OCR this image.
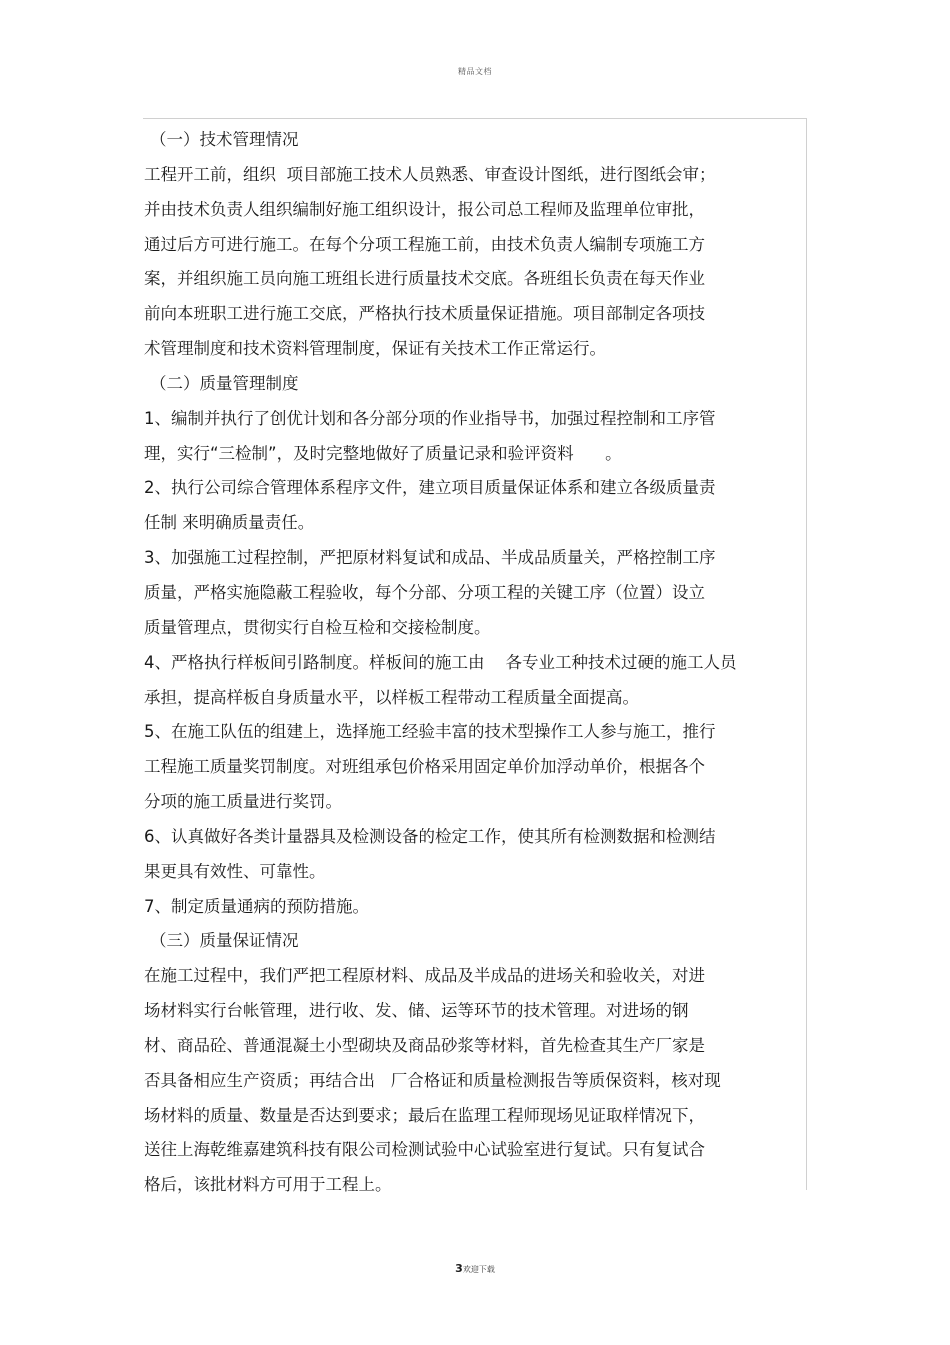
精品文档
（一）技术管理情况
工程开工前，组织  项目部施工技术人员熟悉、审查设计图纸，进行图纸会审；
并由技术负责人组织编制好施工组织设计，报公司总工程师及监理单位审批，
通过后方可进行施工。在每个分项工程施工前，由技术负责人编制专项施工方
案，并组织施工员向施工班组长进行质量技术交底。各班组长负责在每天作业
前向本班职工进行施工交底，严格执行技术质量保证措施。项目部制定各项技
术管理制度和技术资料管理制度，保证有关技术工作正常运行。
（二）质量管理制度
1、编制并执行了创优计划和各分部分项的作业指导书，加强过程控制和工序管
理，实行“三检制”，及时完整地做好了质量记录和验评资料      。
2、执行公司综合管理体系程序文件，建立项目质量保证体系和建立各级质量责
任制 来明确质量责任。
3、加强施工过程控制，严把原材料复试和成品、半成品质量关，严格控制工序
质量，严格实施隐蔽工程验收，每个分部、分项工程的关键工序（位置）设立
质量管理点，贯彻实行自检互检和交接检制度。
4、严格执行样板间引路制度。样板间的施工由    各专业工种技术过硬的施工人员
承担，提高样板自身质量水平，以样板工程带动工程质量全面提高。
5、在施工队伍的组建上，选择施工经验丰富的技术型操作工人参与施工，推行
工程施工质量奖罚制度。对班组承包价格采用固定单价加浮动单价，根据各个
分项的施工质量进行奖罚。
6、认真做好各类计量器具及检测设备的检定工作，使其所有检测数据和检测结
果更具有效性、可靠性。
7、制定质量通病的预防措施。
（三）质量保证情况
在施工过程中，我们严把工程原材料、成品及半成品的进场关和验收关，对进
场材料实行台帐管理，进行收、发、储、运等环节的技术管理。对进场的钢
材、商品砼、普通混凝土小型砌块及商品砂浆等材料，首先检查其生产厂家是
否具备相应生产资质；再结合出   厂合格证和质量检测报告等质保资料，核对现
场材料的质量、数量是否达到要求；最后在监理工程师现场见证取样情况下，
送往上海乾维嘉建筑科技有限公司检测试验中心试验室进行复试。只有复试合
格后，该批材料方可用于工程上。
3欢迎下载
